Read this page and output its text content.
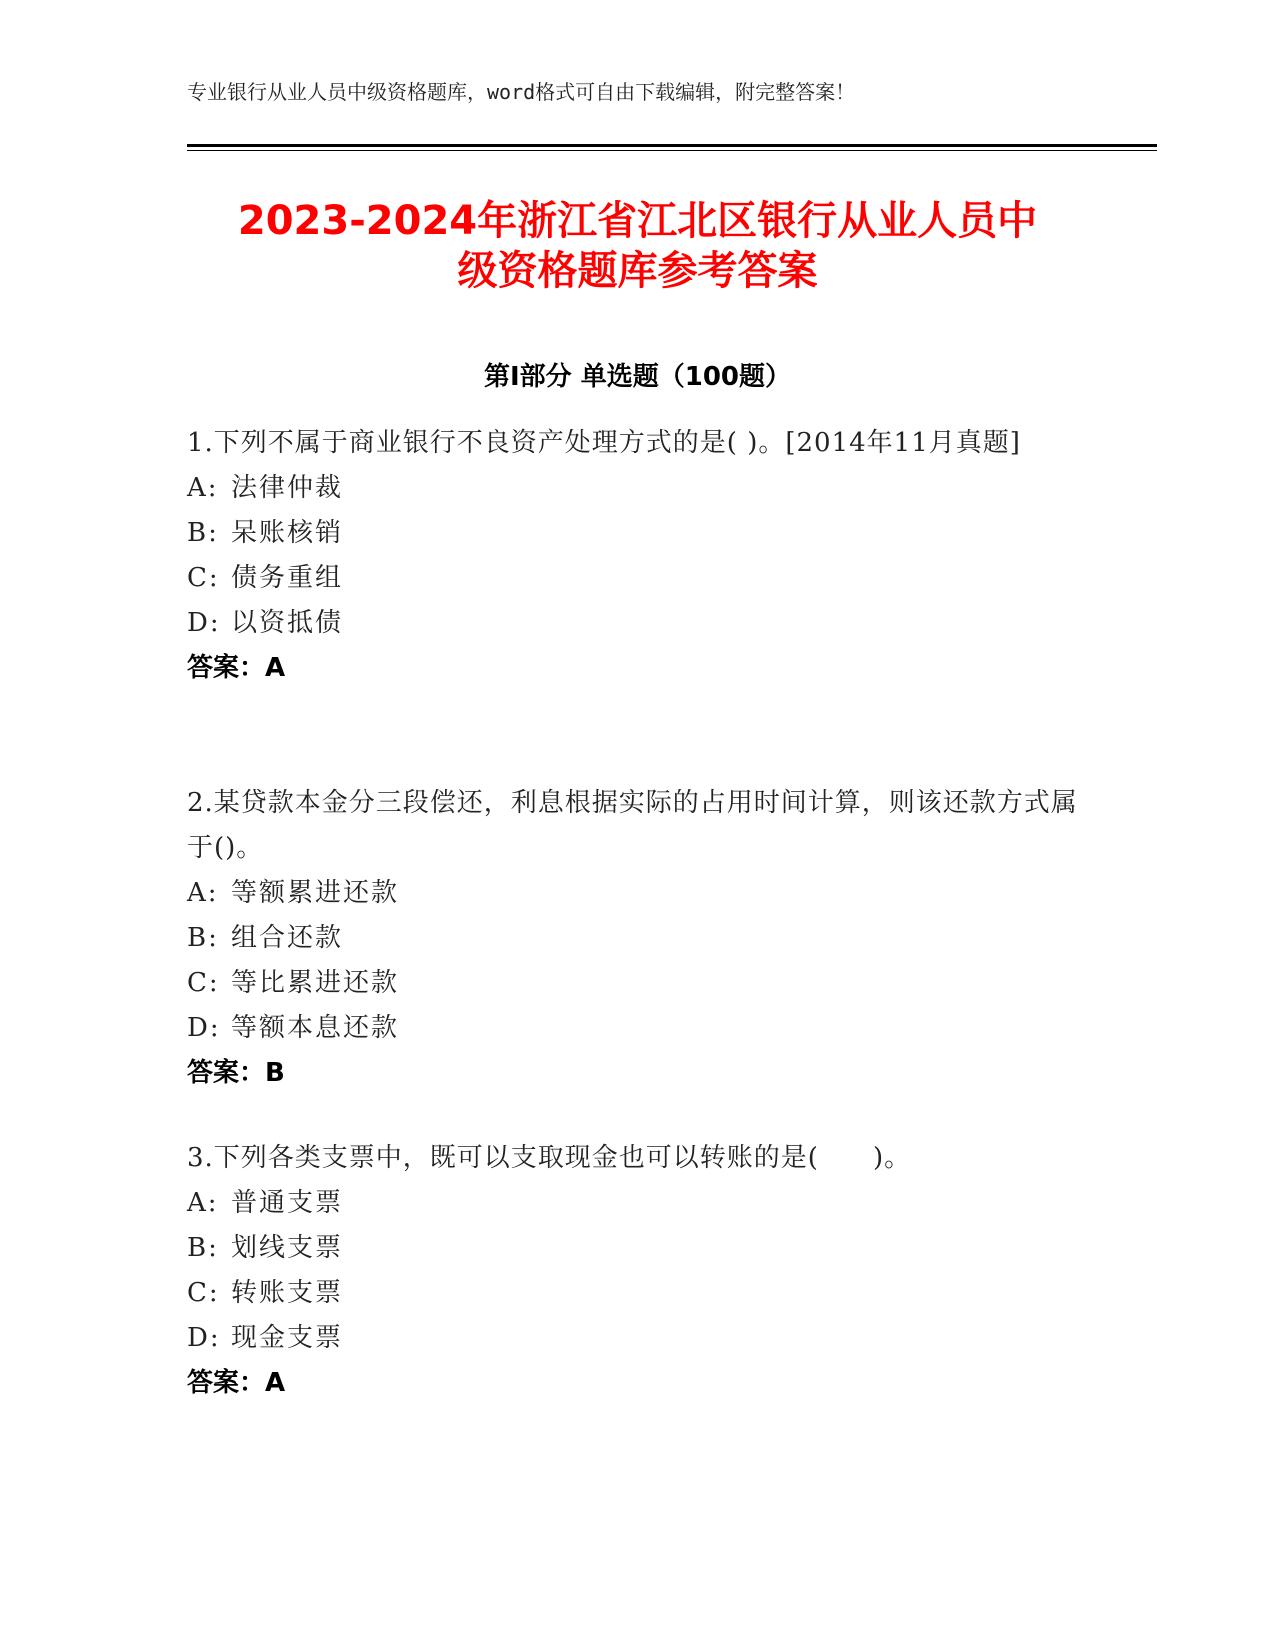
专业银行从业人员中级资格题库，word格式可自由下载编辑，附完整答案！
2023-2024年浙江省江北区银行从业人员中
级资格题库参考答案
第Ⅰ部分 单选题（100题）
1.下列不属于商业银行不良资产处理方式的是( )。[2014年11月真题]
A: 法律仲裁
B: 呆账核销
C: 债务重组
D: 以资抵债
答案：A
2.某贷款本金分三段偿还，利息根据实际的占用时间计算，则该还款方式属于()。
A: 等额累进还款
B: 组合还款
C: 等比累进还款
D: 等额本息还款
答案：B
3.下列各类支票中，既可以支取现金也可以转账的是(　　)。
A: 普通支票
B: 划线支票
C: 转账支票
D: 现金支票
答案：A
